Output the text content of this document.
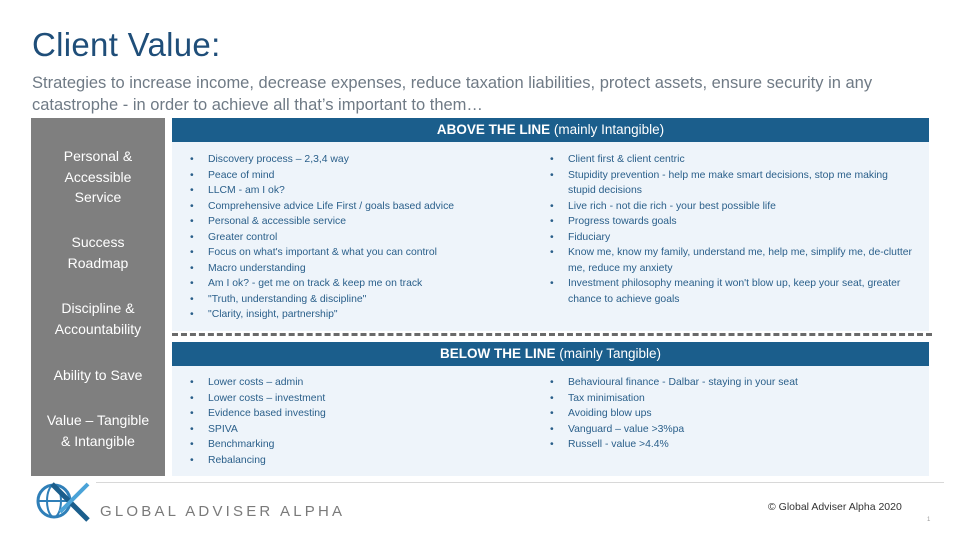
Client Value:
Strategies to increase income, decrease expenses, reduce taxation liabilities, protect assets, ensure security in any catastrophe - in order to achieve all that’s important to them…
Personal &
Accessible
Service
Success
Roadmap
Discipline &
Accountability
Ability to Save
Value – Tangible
& Intangible
ABOVE THE LINE (mainly Intangible)
• Discovery process – 2,3,4 way
• Peace of mind
• LLCM - am I ok?
• Comprehensive advice Life First / goals based advice
• Personal & accessible service
• Greater control
• Focus on what's important & what you can control
• Macro understanding
• Am I ok? - get me on track & keep me on track
• "Truth, understanding & discipline"
• "Clarity, insight, partnership"
• Client first & client centric
• Stupidity prevention - help me make smart decisions, stop me making stupid decisions
• Live rich - not die rich - your best possible life
• Progress towards goals
• Fiduciary
• Know me, know my family, understand me, help me, simplify me, de-clutter me, reduce my anxiety
• Investment philosophy meaning it won't blow up, keep your seat, greater chance to achieve goals
BELOW THE LINE (mainly Tangible)
• Lower costs – admin
• Lower costs – investment
• Evidence based investing
• SPIVA
• Benchmarking
• Rebalancing
• Behavioural finance - Dalbar - staying in your seat
• Tax minimisation
• Avoiding blow ups
• Vanguard – value >3%pa
• Russell - value >4.4%
GLOBAL ADVISER ALPHA	© Global Adviser Alpha 2020
1
